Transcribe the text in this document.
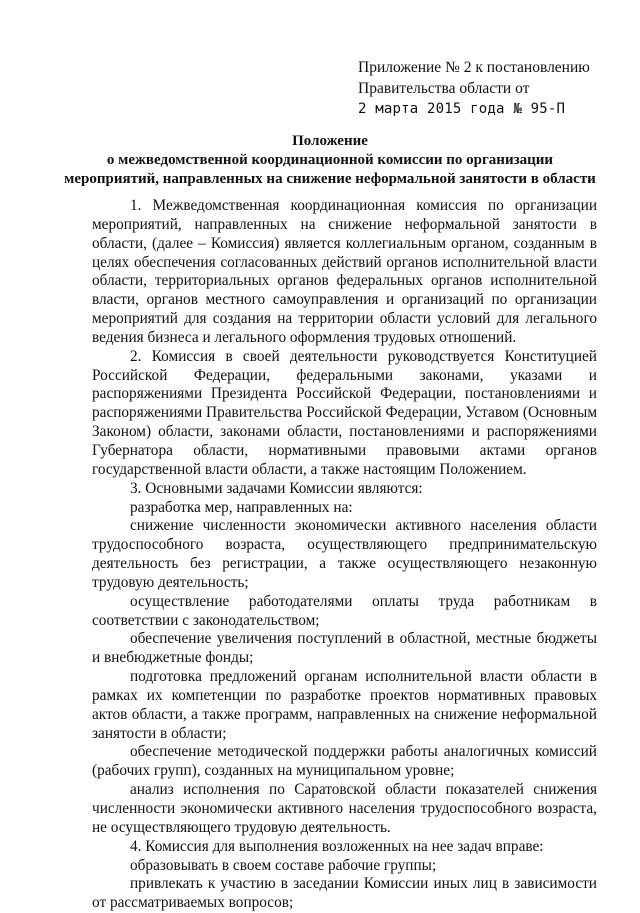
Приложение № 2 к постановлению
Правительства области от
2 марта 2015 года № 95-П
Положение
о межведомственной координационной комиссии по организации
мероприятий, направленных на снижение неформальной занятости в области

1. Межведомственная координационная комиссия по организации мероприятий, направленных на снижение неформальной занятости в области, (далее – Комиссия) является коллегиальным органом, созданным в целях обеспечения согласованных действий органов исполнительной власти области, территориальных органов федеральных органов исполнительной власти, органов местного самоуправления и организаций по организации мероприятий для создания на территории области условий для легального ведения бизнеса и легального оформления трудовых отношений.

2. Комиссия в своей деятельности руководствуется Конституцией Российской Федерации, федеральными законами, указами и распоряжениями Президента Российской Федерации, постановлениями и распоряжениями Правительства Российской Федерации, Уставом (Основным Законом) области, законами области, постановлениями и распоряжениями Губернатора области, нормативными правовыми актами органов государственной власти области, а также настоящим Положением.

3. Основными задачами Комиссии являются:

разработка мер, направленных на:

снижение численности экономически активного населения области трудоспособного возраста, осуществляющего предпринимательскую деятельность без регистрации, а также осуществляющего незаконную трудовую деятельность;

осуществление работодателями оплаты труда работникам в соответствии с законодательством;

обеспечение увеличения поступлений в областной, местные бюджеты и внебюджетные фонды;

подготовка предложений органам исполнительной власти области в рамках их компетенции по разработке проектов нормативных правовых актов области, а также программ, направленных на снижение неформальной занятости в области;

обеспечение методической поддержки работы аналогичных комиссий (рабочих групп), созданных на муниципальном уровне;

анализ исполнения по Саратовской области показателей снижения численности экономически активного населения трудоспособного возраста, не осуществляющего трудовую деятельность.

4. Комиссия для выполнения возложенных на нее задач вправе:

образовывать в своем составе рабочие группы;

привлекать к участию в заседании Комиссии иных лиц в зависимости от рассматриваемых вопросов;
